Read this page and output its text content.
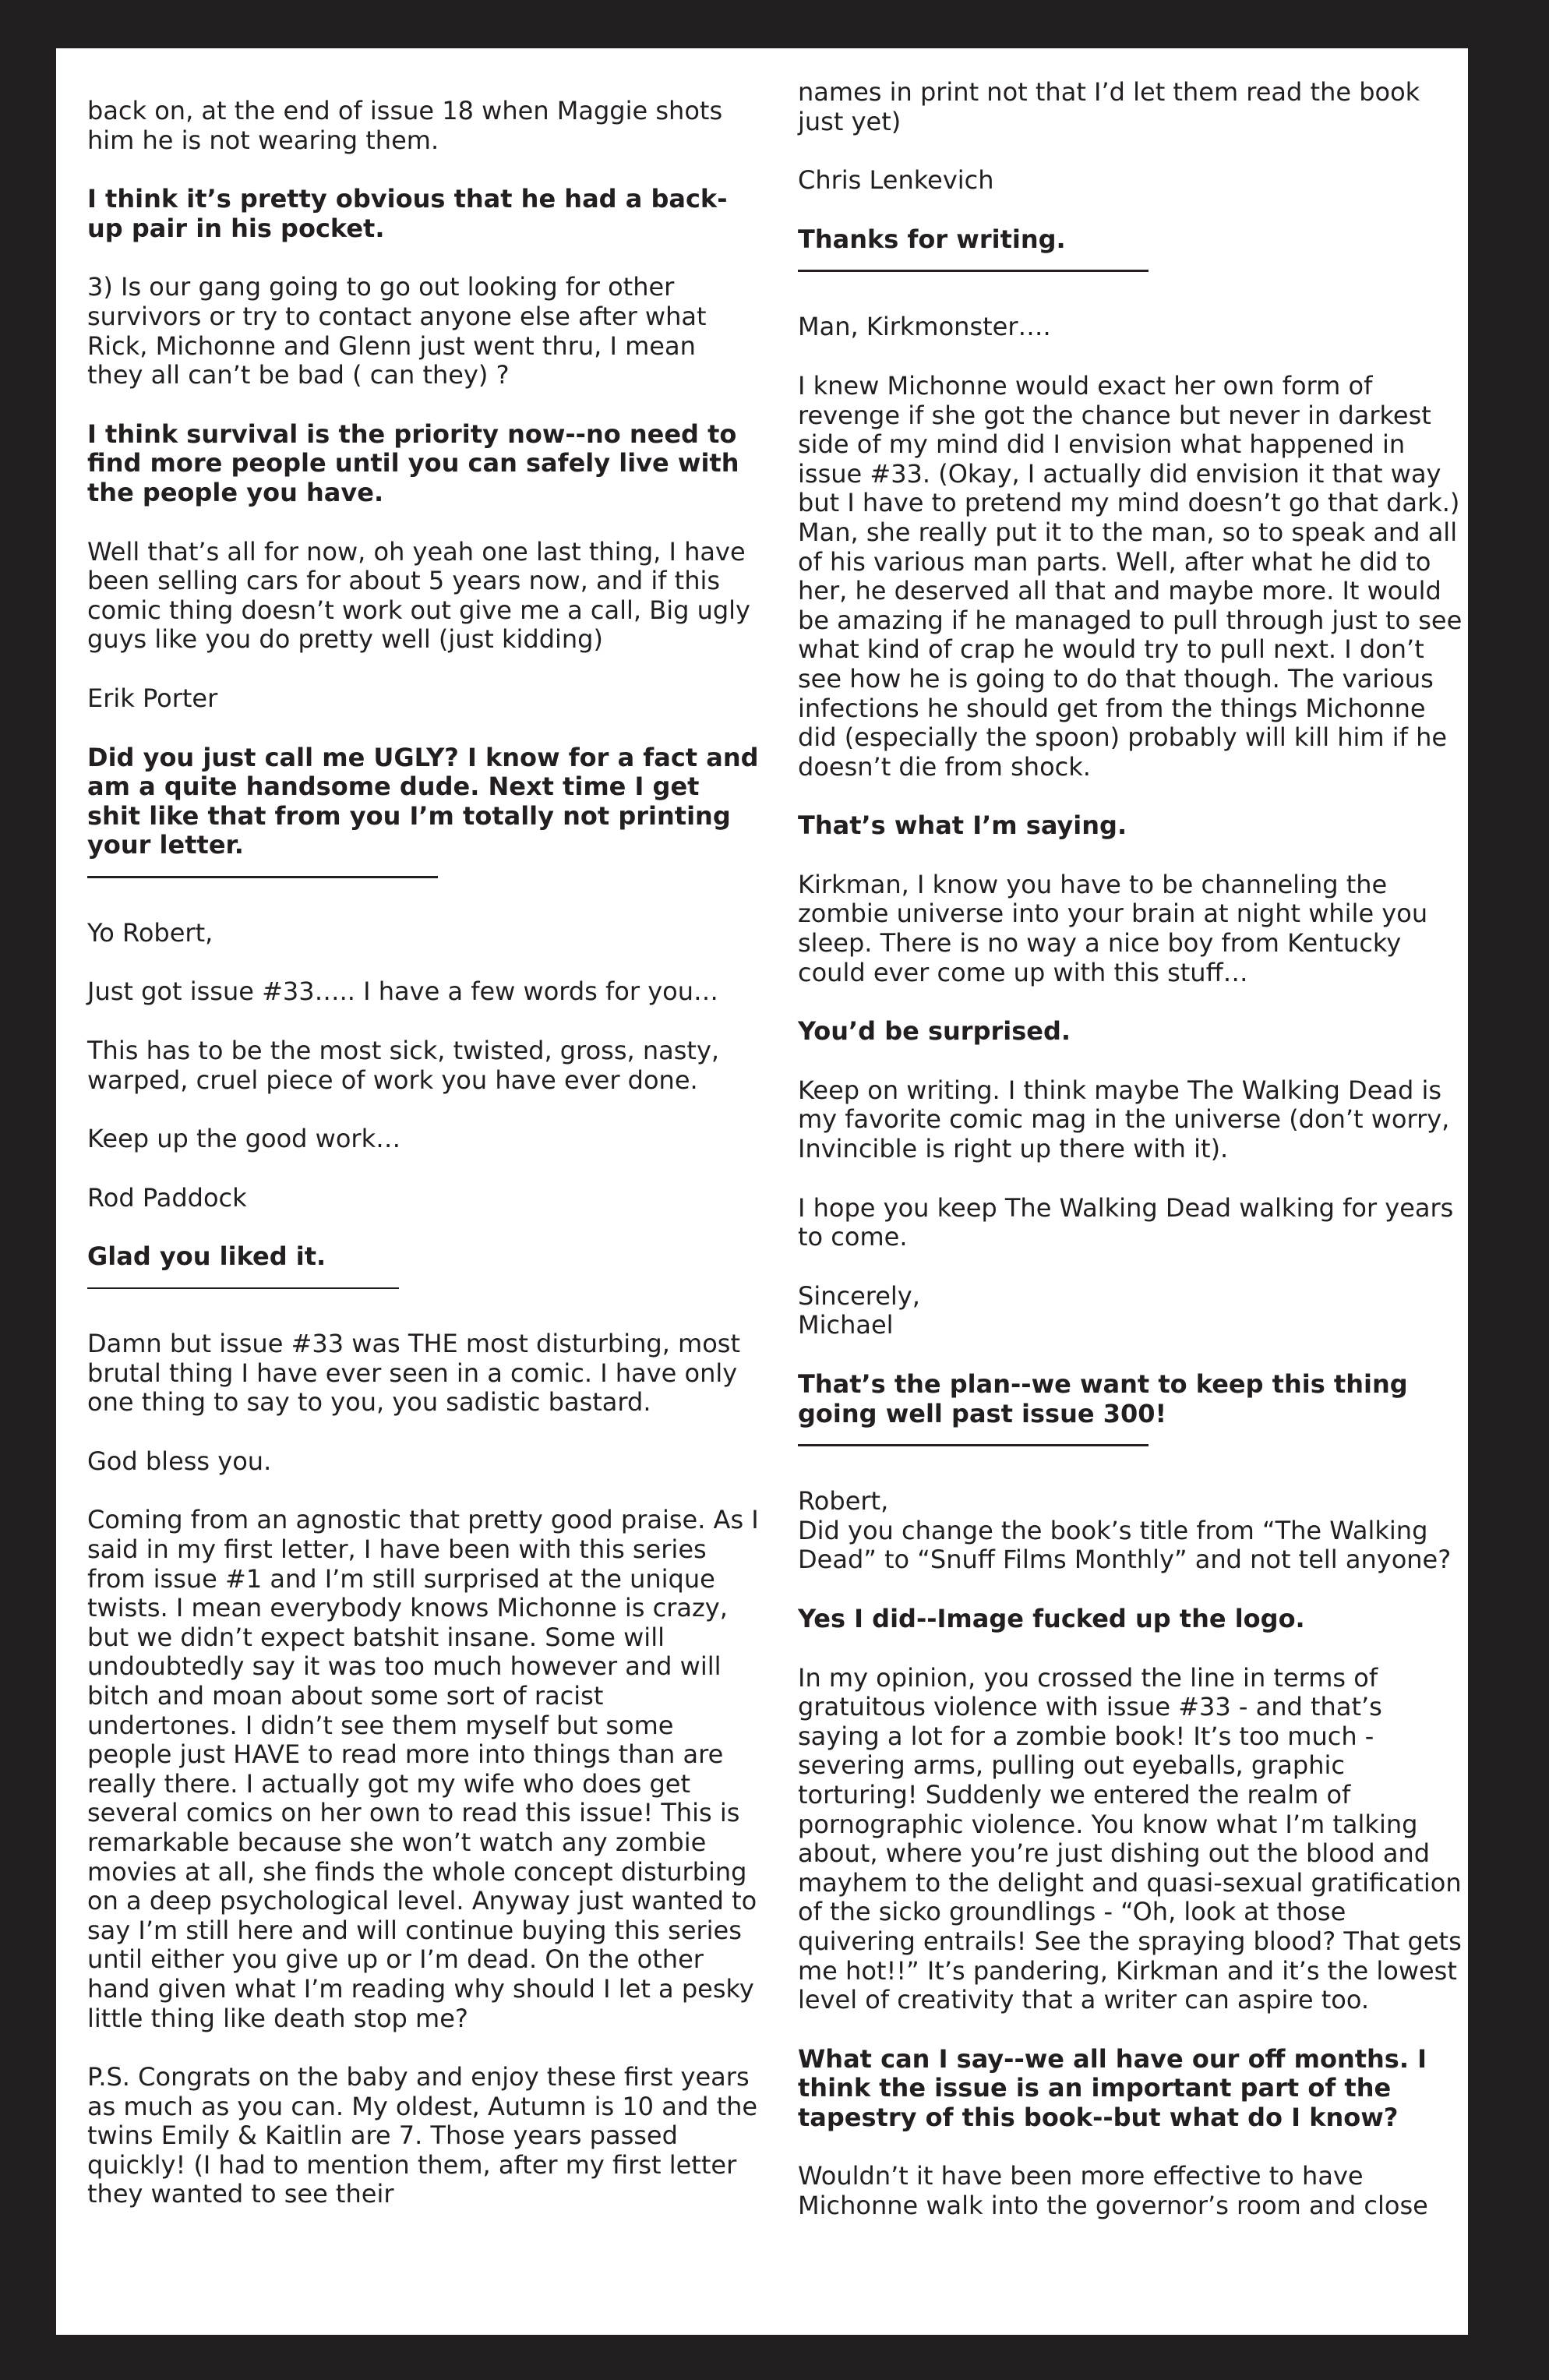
back on, at the end of issue 18 when Maggie shots him he is not wearing them.

I think it’s pretty obvious that he had a back-up pair in his pocket.

3) Is our gang going to go out looking for other survivors or try to contact anyone else after what Rick, Michonne and Glenn just went thru, I mean they all can’t be bad ( can they) ?

I think survival is the priority now--no need to find more people until you can safely live with the people you have.

Well that’s all for now, oh yeah one last thing, I have been selling cars for about 5 years now, and if this comic thing doesn’t work out give me a call, Big ugly guys like you do pretty well (just kidding)

Erik Porter

Did you just call me UGLY? I know for a fact and am a quite handsome dude. Next time I get shit like that from you I’m totally not printing your letter.

Yo Robert,

Just got issue #33….. I have a few words for you…

This has to be the most sick, twisted, gross, nasty, warped, cruel piece of work you have ever done.

Keep up the good work…

Rod Paddock

Glad you liked it.

Damn but issue #33 was THE most disturbing, most brutal thing I have ever seen in a comic. I have only one thing to say to you, you sadistic bastard.

God bless you.

Coming from an agnostic that pretty good praise. As I said in my first letter, I have been with this series from issue #1 and I’m still surprised at the unique twists. I mean everybody knows Michonne is crazy, but we didn’t expect batshit insane. Some will undoubtedly say it was too much however and will bitch and moan about some sort of racist undertones. I didn’t see them myself but some people just HAVE to read more into things than are really there. I actually got my wife who does get several comics on her own to read this issue! This is remarkable because she won’t watch any zombie movies at all, she finds the whole concept disturbing on a deep psychological level. Anyway just wanted to say I’m still here and will continue buying this series until either you give up or I’m dead. On the other hand given what I’m reading why should I let a pesky little thing like death stop me?

P.S. Congrats on the baby and enjoy these first years as much as you can. My oldest, Autumn is 10 and the twins Emily & Kaitlin are 7. Those years passed quickly! (I had to mention them, after my first letter they wanted to see their

names in print not that I’d let them read the book just yet)

Chris Lenkevich

Thanks for writing.

Man, Kirkmonster….

I knew Michonne would exact her own form of revenge if she got the chance but never in darkest side of my mind did I envision what happened in issue #33. (Okay, I actually did envision it that way but I have to pretend my mind doesn’t go that dark.) Man, she really put it to the man, so to speak and all of his various man parts. Well, after what he did to her, he deserved all that and maybe more. It would be amazing if he managed to pull through just to see what kind of crap he would try to pull next. I don’t see how he is going to do that though. The various infections he should get from the things Michonne did (especially the spoon) probably will kill him if he doesn’t die from shock.

That’s what I’m saying.

Kirkman, I know you have to be channeling the zombie universe into your brain at night while you sleep. There is no way a nice boy from Kentucky could ever come up with this stuff…

You’d be surprised.

Keep on writing. I think maybe The Walking Dead is my favorite comic mag in the universe (don’t worry, Invincible is right up there with it).

I hope you keep The Walking Dead walking for years to come.

Sincerely,

Michael

That’s the plan--we want to keep this thing going well past issue 300!

Robert,

Did you change the book’s title from “The Walking Dead” to “Snuff Films Monthly” and not tell anyone?

Yes I did--Image fucked up the logo.

In my opinion, you crossed the line in terms of gratuitous violence with issue #33 - and that’s saying a lot for a zombie book! It’s too much - severing arms, pulling out eyeballs, graphic torturing! Suddenly we entered the realm of pornographic violence. You know what I’m talking about, where you’re just dishing out the blood and mayhem to the delight and quasi-sexual gratification of the sicko groundlings - “Oh, look at those quivering entrails! See the spraying blood? That gets me hot!!” It’s pandering, Kirkman and it’s the lowest level of creativity that a writer can aspire too.

What can I say--we all have our off months. I think the issue is an important part of the tapestry of this book--but what do I know?

Wouldn’t it have been more effective to have Michonne walk into the governor’s room and close
